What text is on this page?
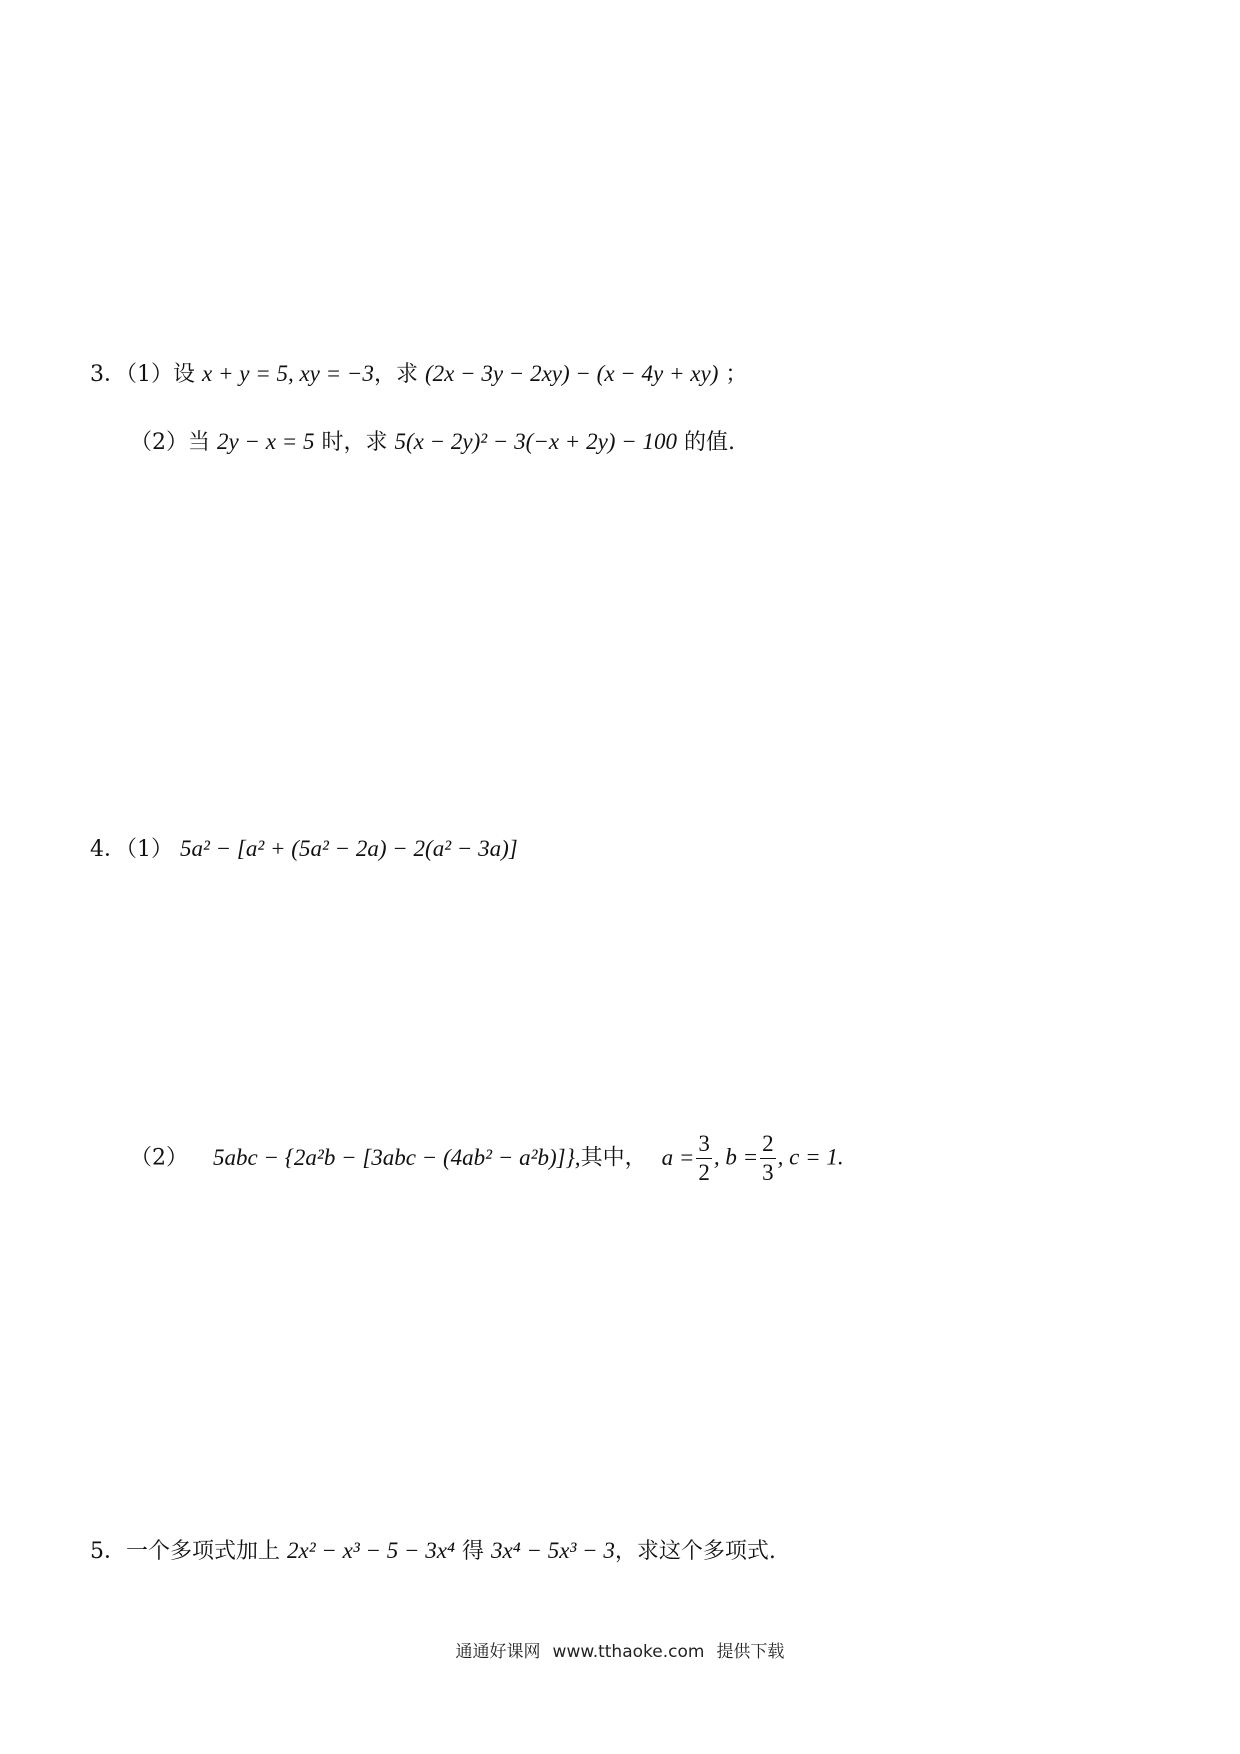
3．（1）设 x + y = 5, xy = −3，求 (2x − 3y − 2xy) − (x − 4y + xy) ；
（2）当 2y − x = 5 时，求 5(x − 2y)² − 3(−x + 2y) − 100 的值.
4．（1） 5a² − [a² + (5a² − 2a) − 2(a² − 3a)]
（2） 5abc − {2a²b − [3abc − (4ab² − a²b)]},其中， $a = \frac{3}{2}$ , $b = \frac{2}{3}$ , c = 1.
5．一个多项式加上 2x² − x³ − 5 − 3x⁴ 得 3x⁴ − 5x³ − 3，求这个多项式.
通通好课网 www.tthaoke.com 提供下载
